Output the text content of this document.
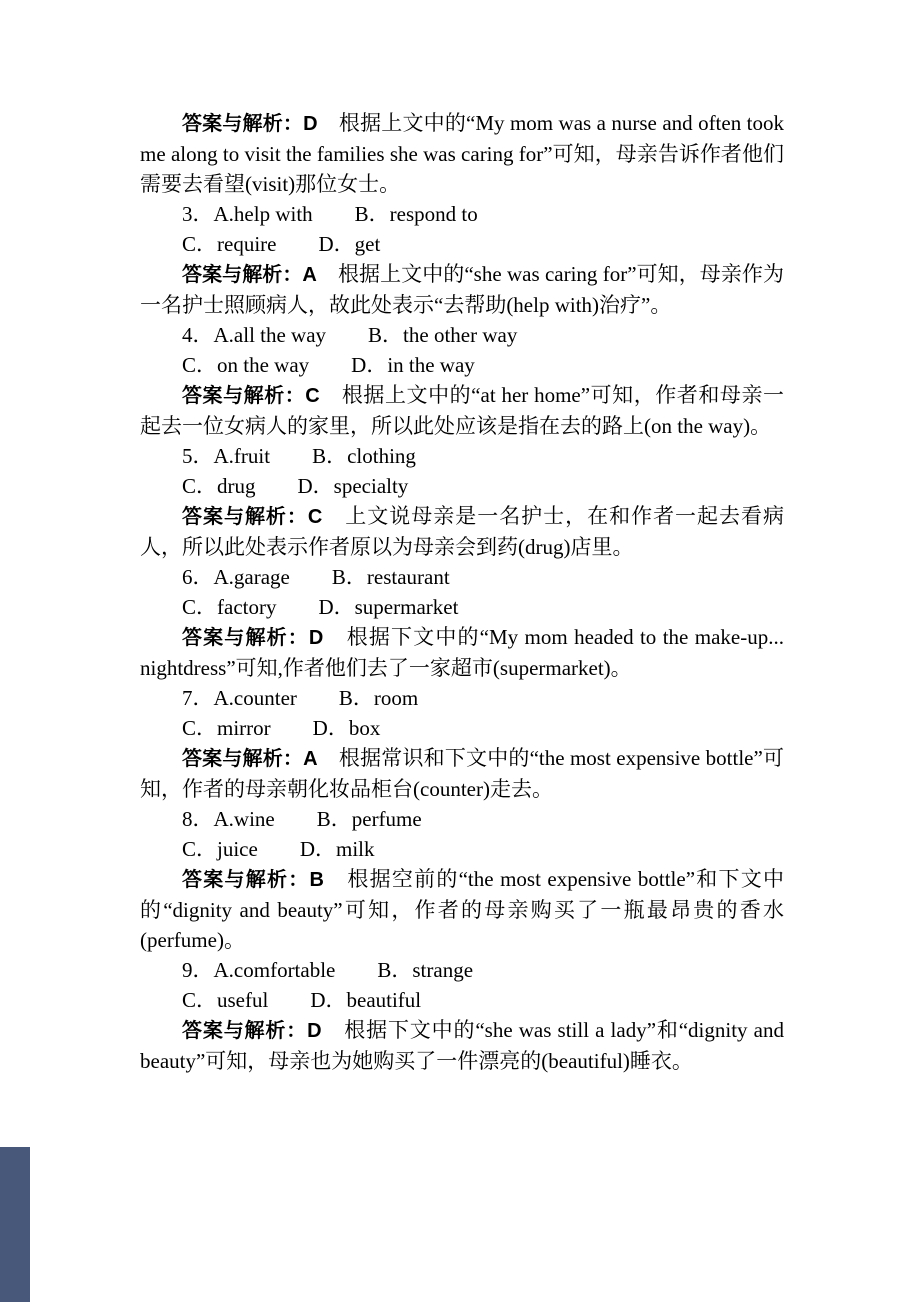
答案与解析：D　根据上文中的“My mom was a nurse and often took me along to visit the families she was caring for”可知，母亲告诉作者他们需要去看望(visit)那位女士。

3．A.help with　　B．respond to

C．require　　D．get

答案与解析：A　根据上文中的“she was caring for”可知，母亲作为一名护士照顾病人，故此处表示“去帮助(help with)治疗”。

4．A.all the way　　B．the other way

C．on the way　　D．in the way

答案与解析：C　根据上文中的“at her home”可知，作者和母亲一起去一位女病人的家里，所以此处应该是指在去的路上(on the way)。

5．A.fruit　　B．clothing

C．drug　　D．specialty

答案与解析：C　上文说母亲是一名护士，在和作者一起去看病人，所以此处表示作者原以为母亲会到药(drug)店里。

6．A.garage　　B．restaurant

C．factory　　D．supermarket

答案与解析：D　根据下文中的“My mom headed to the make-up... nightdress”可知,作者他们去了一家超市(supermarket)。

7．A.counter　　B．room

C．mirror　　D．box

答案与解析：A　根据常识和下文中的“the most expensive bottle”可知，作者的母亲朝化妆品柜台(counter)走去。

8．A.wine　　B．perfume

C．juice　　D．milk

答案与解析：B　根据空前的“the most expensive bottle”和下文中的“dignity and beauty”可知，作者的母亲购买了一瓶最昂贵的香水(perfume)。

9．A.comfortable　　B．strange

C．useful　　D．beautiful

答案与解析：D　根据下文中的“she was still a lady”和“dignity and beauty”可知，母亲也为她购买了一件漂亮的(beautiful)睡衣。
